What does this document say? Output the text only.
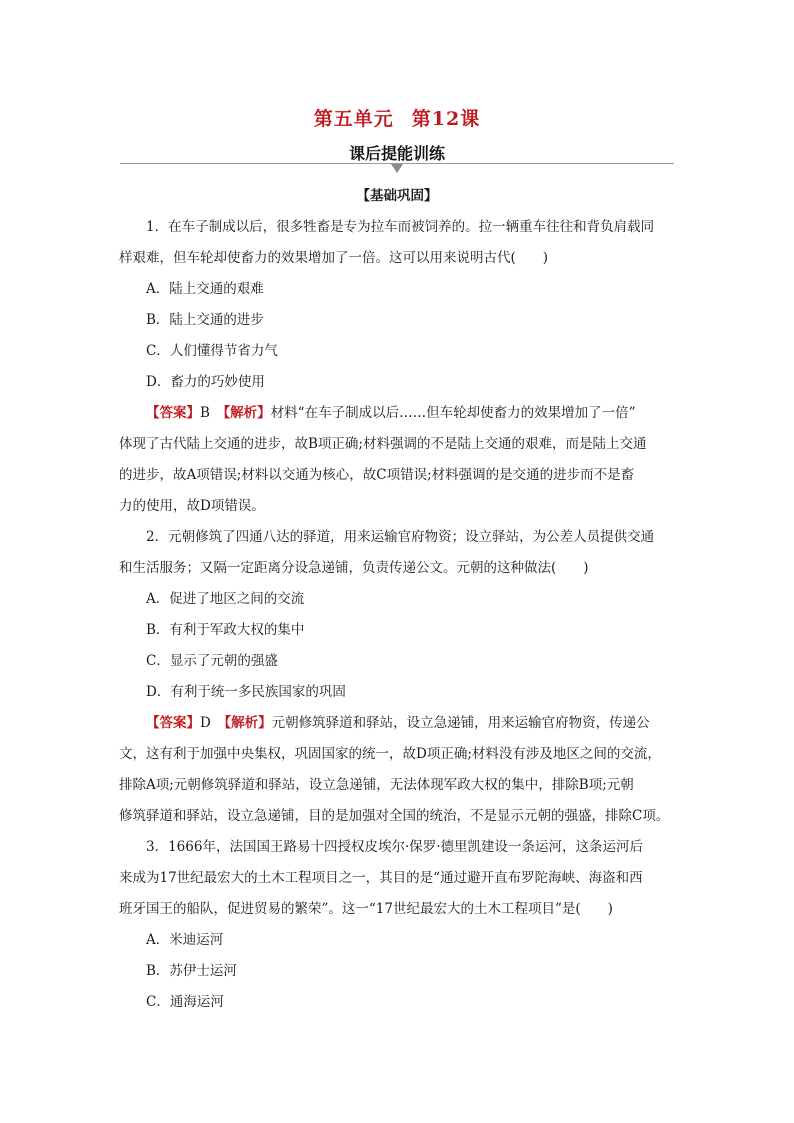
第五单元 第12课
课后提能训练
【基础巩固】
1．在车子制成以后，很多牲畜是专为拉车而被饲养的。拉一辆重车往往和背负肩载同
样艰难，但车轮却使畜力的效果增加了一倍。这可以用来说明古代(　　)
A．陆上交通的艰难
B．陆上交通的进步
C．人们懂得节省力气
D．畜力的巧妙使用
【答案】B　 【解析】材料“在车子制成以后……但车轮却使畜力的效果增加了一倍”
体现了古代陆上交通的进步，故B项正确;材料强调的不是陆上交通的艰难，而是陆上交通
的进步，故A项错误;材料以交通为核心，故C项错误;材料强调的是交通的进步而不是畜
力的使用，故D项错误。
2．元朝修筑了四通八达的驿道，用来运输官府物资；设立驿站，为公差人员提供交通
和生活服务；又隔一定距离分设急递铺，负责传递公文。元朝的这种做法(　　)
A．促进了地区之间的交流
B．有利于军政大权的集中
C．显示了元朝的强盛
D．有利于统一多民族国家的巩固
【答案】D　 【解析】元朝修筑驿道和驿站，设立急递铺，用来运输官府物资，传递公
文，这有利于加强中央集权，巩固国家的统一，故D项正确;材料没有涉及地区之间的交流，
排除A项;元朝修筑驿道和驿站，设立急递铺，无法体现军政大权的集中，排除B项;元朝
修筑驿道和驿站，设立急递铺，目的是加强对全国的统治，不是显示元朝的强盛，排除C项。
3．1666年，法国国王路易十四授权皮埃尔·保罗·德里凯建设一条运河，这条运河后
来成为17世纪最宏大的土木工程项目之一，其目的是“通过避开直布罗陀海峡、海盗和西
班牙国王的船队，促进贸易的繁荣”。这一“17世纪最宏大的土木工程项目”是(　　)
A．米迪运河
B．苏伊士运河
C．通海运河
